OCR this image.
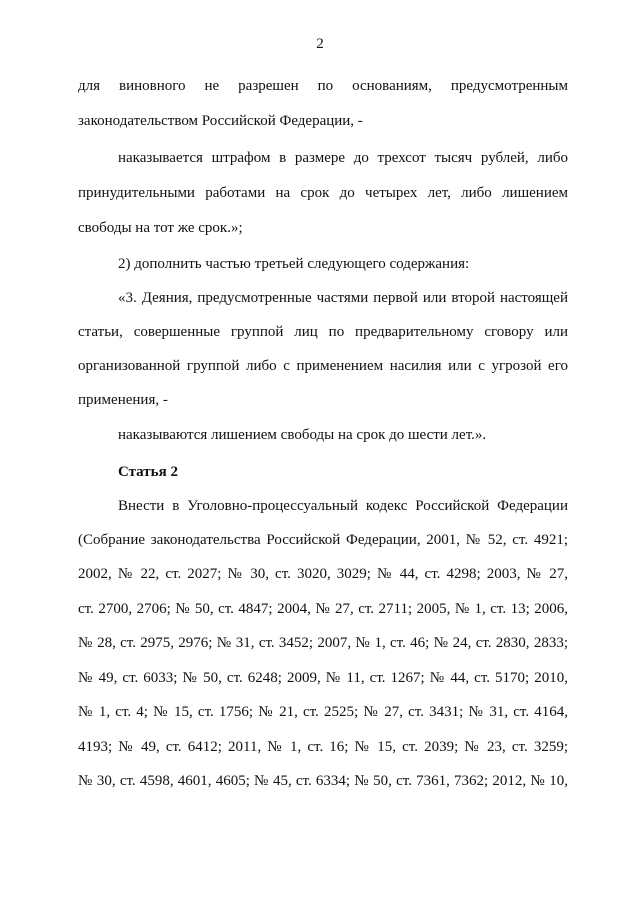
2
для виновного не разрешен по основаниям, предусмотренным
законодательством Российской Федерации, -
наказывается штрафом в размере до трехсот тысяч рублей, либо
принудительными работами на срок до четырех лет, либо лишением
свободы на тот же срок.»;
2) дополнить частью третьей следующего содержания:
«3. Деяния, предусмотренные частями первой или второй настоящей
статьи, совершенные группой лиц по предварительному сговору или
организованной группой либо с применением насилия или с угрозой его
применения, -
наказываются лишением свободы на срок до шести лет.».
Статья 2
Внести в Уголовно-процессуальный кодекс Российской Федерации
(Собрание законодательства Российской Федерации, 2001, № 52, ст. 4921;
2002, № 22, ст. 2027; № 30, ст. 3020, 3029; № 44, ст. 4298; 2003, № 27,
ст. 2700, 2706; № 50, ст. 4847; 2004, № 27, ст. 2711; 2005, № 1, ст. 13; 2006,
№ 28, ст. 2975, 2976; № 31, ст. 3452; 2007, № 1, ст. 46; № 24, ст. 2830, 2833;
№ 49, ст. 6033; № 50, ст. 6248; 2009, № 11, ст. 1267; № 44, ст. 5170; 2010,
№ 1, ст. 4; № 15, ст. 1756; № 21, ст. 2525; № 27, ст. 3431; № 31, ст. 4164,
4193; № 49, ст. 6412; 2011, № 1, ст. 16; № 15, ст. 2039; № 23, ст. 3259;
№ 30, ст. 4598, 4601, 4605; № 45, ст. 6334; № 50, ст. 7361, 7362; 2012, № 10,
